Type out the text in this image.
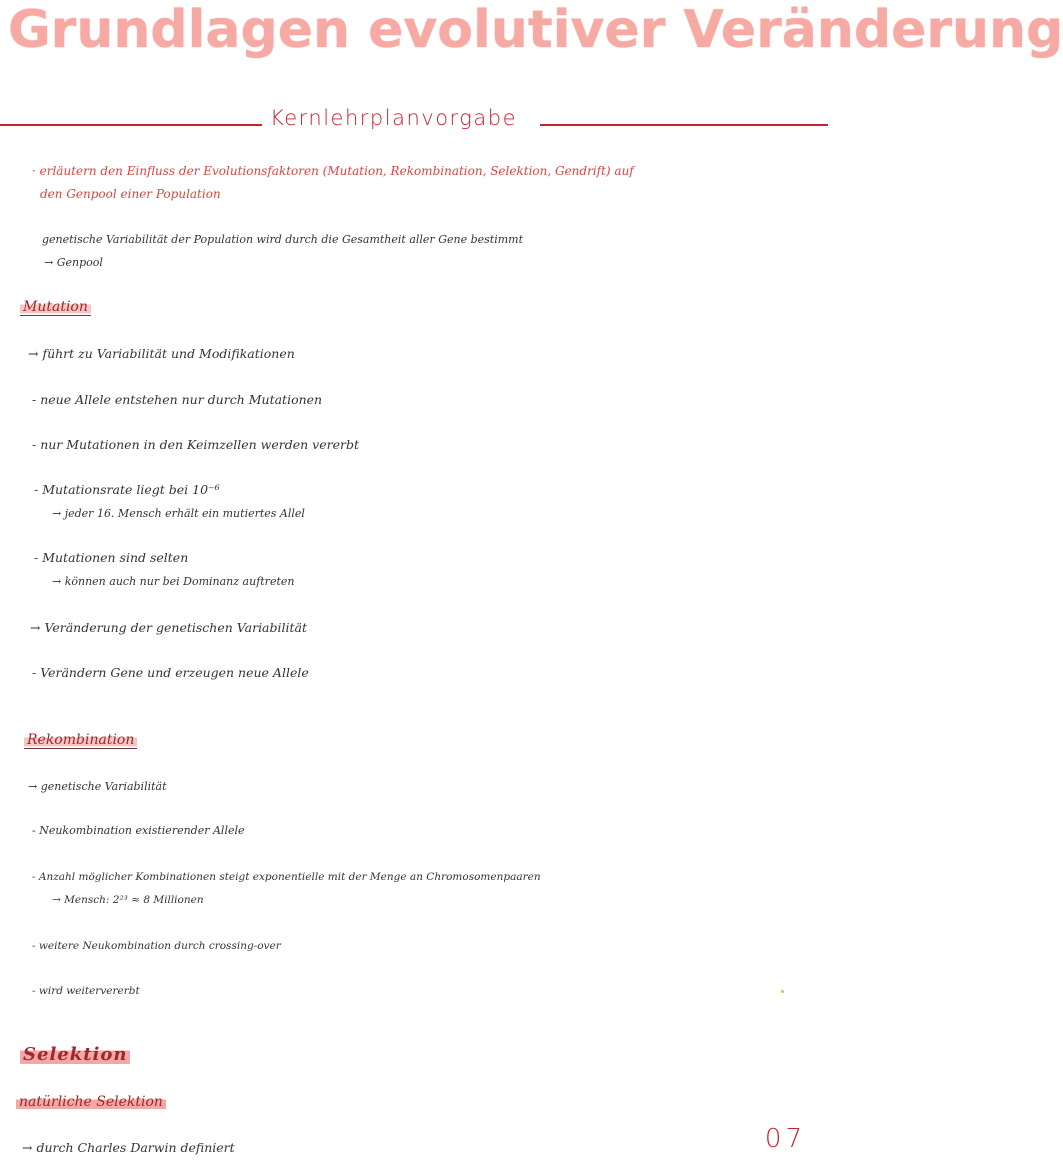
Grundlagen evolutiver Veränderung
Kernlehrplanvorgabe

· erläutern den Einfluss der Evolutionsfaktoren (Mutation, Rekombination, Selektion, Gendrift) auf

den Genpool einer Population

genetische Variabilität der Population wird durch die Gesamtheit aller Gene bestimmt

→ Genpool

Mutation

→ führt zu Variabilität und Modifikationen

- neue Allele entstehen nur durch Mutationen

- nur Mutationen in den Keimzellen werden vererbt

- Mutationsrate liegt bei 10⁻⁶

→ jeder 16. Mensch erhält ein mutiertes Allel

- Mutationen sind selten

→ können auch nur bei Dominanz auftreten

→ Veränderung der genetischen Variabilität

- Verändern Gene und erzeugen neue Allele

Rekombination

→ genetische Variabilität

- Neukombination existierender Allele

- Anzahl möglicher Kombinationen steigt exponentielle mit der Menge an Chromosomenpaaren

→ Mensch: 2²³ ≈ 8 Millionen

- weitere Neukombination durch crossing-over

- wird weitervererbt

Selektion
natürliche Selektion

→ durch Charles Darwin definiert	07
